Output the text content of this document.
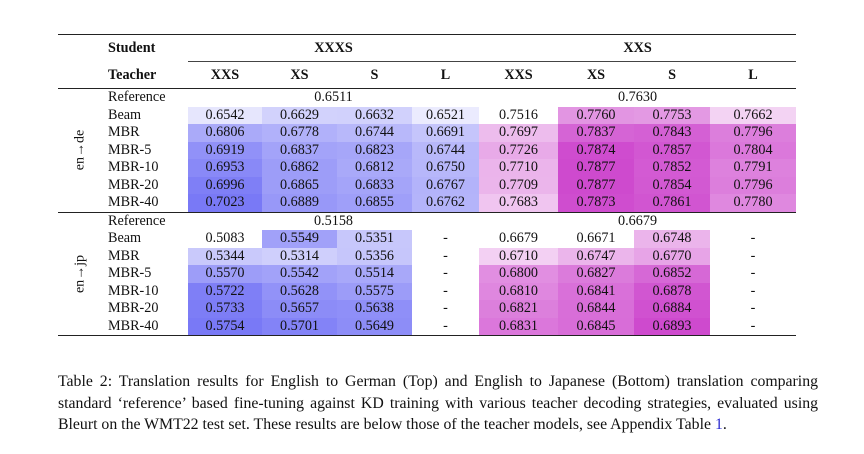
	Student	XXXS				XXS			
	Teacher	XXS	XS	S	L	XXS	XS	S	L

en→de	Reference	0.6511				0.7630			
	Beam	0.6542	0.6629	0.6632	0.6521	0.7516	0.7760	0.7753	0.7662
	MBR	0.6806	0.6778	0.6744	0.6691	0.7697	0.7837	0.7843	0.7796
	MBR-5	0.6919	0.6837	0.6823	0.6744	0.7726	0.7874	0.7857	0.7804
	MBR-10	0.6953	0.6862	0.6812	0.6750	0.7710	0.7877	0.7852	0.7791
	MBR-20	0.6996	0.6865	0.6833	0.6767	0.7709	0.7877	0.7854	0.7796
	MBR-40	0.7023	0.6889	0.6855	0.6762	0.7683	0.7873	0.7861	0.7780

en→jp	Reference	0.5158				0.6679			
	Beam	0.5083	0.5549	0.5351	-	0.6679	0.6671	0.6748	-
	MBR	0.5344	0.5314	0.5356	-	0.6710	0.6747	0.6770	-
	MBR-5	0.5570	0.5542	0.5514	-	0.6800	0.6827	0.6852	-
	MBR-10	0.5722	0.5628	0.5575	-	0.6810	0.6841	0.6878	-
	MBR-20	0.5733	0.5657	0.5638	-	0.6821	0.6844	0.6884	-
	MBR-40	0.5754	0.5701	0.5649	-	0.6831	0.6845	0.6893	-
Table 2: Translation results for English to German (Top) and English to Japanese (Bottom) translation comparing standard ‘reference’ based fine-tuning against KD training with various teacher decoding strategies, evaluated using Bleurt on the WMT22 test set. These results are below those of the teacher models, see Appendix Table 1.
